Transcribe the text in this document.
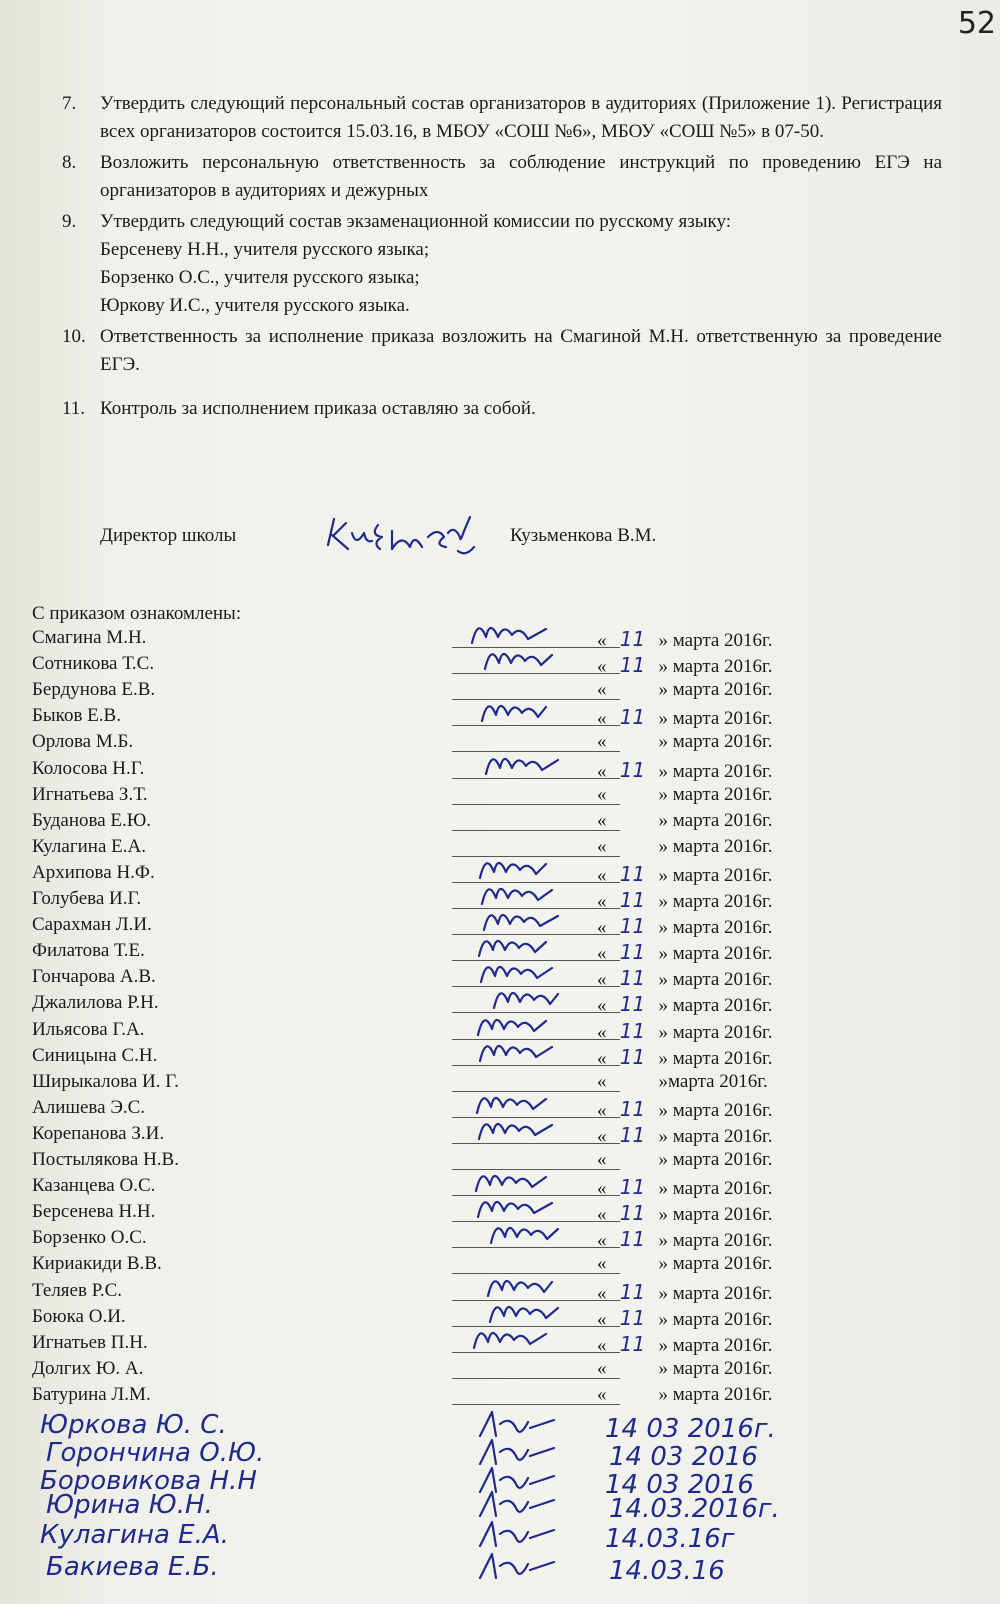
52
7.	Утвердить следующий персональный состав организаторов в аудиториях (Приложение 1). Регистрация всех организаторов состоится 15.03.16, в МБОУ «СОШ №6», МБОУ «СОШ №5» в 07-50.
8.	Возложить персональную ответственность за соблюдение инструкций по проведению ЕГЭ на организаторов в аудиториях и дежурных
9.	Утвердить следующий состав экзаменационной комиссии по русскому языку:
Берсеневу Н.Н., учителя русского языка;
Борзенко О.С., учителя русского языка;
Юркову И.С., учителя русского языка.
10. Ответственность за исполнение приказа возложить на Смагиной М.Н. ответственную за проведение ЕГЭ.
11. Контроль за исполнением приказа оставляю за собой.
Директор школы	Кузьменкова В.М.
С приказом ознакомлены:
Смагина М.Н.	« 11 » марта 2016г.
Сотникова Т.С.	« 11 » марта 2016г.
Бердунова Е.В.	«	» марта 2016г.
Быков Е.В.	« 11 » марта 2016г.
Орлова М.Б.	«	» марта 2016г.
Колосова Н.Г.	« 11 » марта 2016г.
Игнатьева З.Т.	«	» марта 2016г.
Буданова Е.Ю.	«	» марта 2016г.
Кулагина Е.А.	«	» марта 2016г.
Архипова Н.Ф.	« 11 » марта 2016г.
Голубева И.Г.	« 11 » марта 2016г.
Сарахман Л.И.	« 11 » марта 2016г.
Филатова Т.Е.	« 11 » марта 2016г.
Гончарова А.В.	« 11 » марта 2016г.
Джалилова Р.Н.	« 11 » марта 2016г.
Ильясова Г.А.	« 11 » марта 2016г.
Синицына С.Н.	« 11 » марта 2016г.
Ширыкалова И. Г.	«	»марта 2016г.
Алишева Э.С.	« 11 » марта 2016г.
Корепанова З.И.	« 11 » марта 2016г.
Постылякова Н.В.	«	» марта 2016г.
Казанцева О.С.	« 11 » марта 2016г.
Берсенева Н.Н.	« 11 » марта 2016г.
Борзенко О.С.	« 11 » марта 2016г.
Кириакиди В.В.	«	» марта 2016г.
Теляев Р.С.	« 11 » марта 2016г.
Боюка О.И.	« 11 » марта 2016г.
Игнатьев П.Н.	« 11 » марта 2016г.
Долгих Ю. А.	«	» марта 2016г.
Батурина Л.М.	«	» марта 2016г.
Юркова Ю. С.	14 03 2016г.
Горончина О.Ю.	14 03 2016
Боровикова Н.Н	14 03 2016
Юрина Ю.Н.	14.03.2016г.
Кулагина Е.А.	14.03.16г
Бакиева Е.Б.	14.03.16
